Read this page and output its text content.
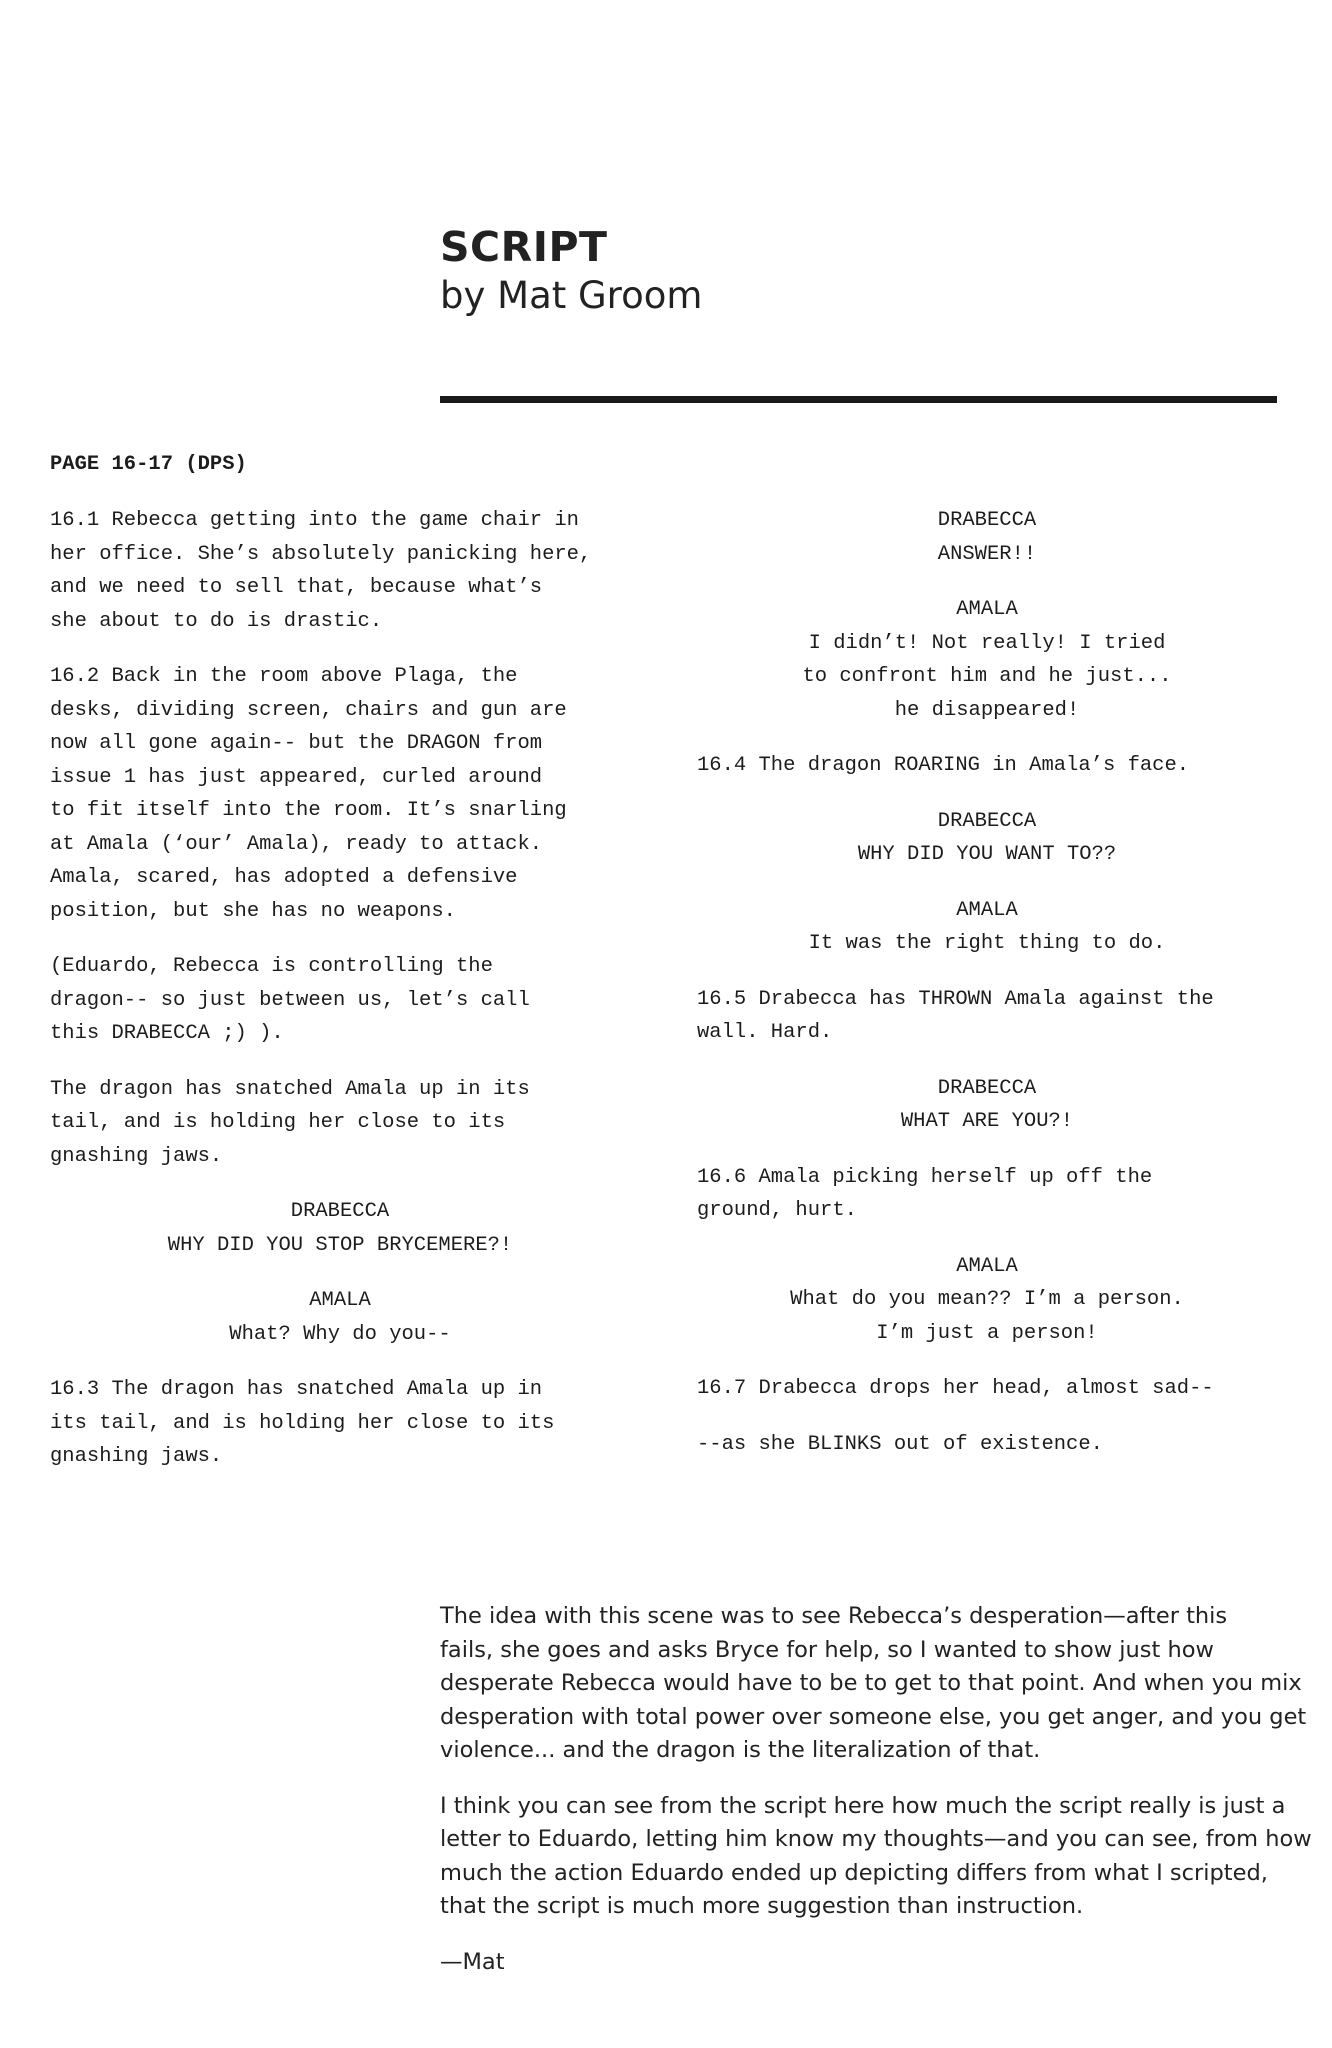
SCRIPT

by Mat Groom

PAGE 16-17 (DPS)
16.1 Rebecca getting into the game chair in
her office. She’s absolutely panicking here,
and we need to sell that, because what’s
she about to do is drastic.
16.2 Back in the room above Plaga, the
desks, dividing screen, chairs and gun are
now all gone again-- but the DRAGON from
issue 1 has just appeared, curled around
to fit itself into the room. It’s snarling
at Amala (‘our’ Amala), ready to attack.
Amala, scared, has adopted a defensive
position, but she has no weapons.
(Eduardo, Rebecca is controlling the
dragon-- so just between us, let’s call
this DRABECCA ;) ).
The dragon has snatched Amala up in its
tail, and is holding her close to its
gnashing jaws.
DRABECCA
WHY DID YOU STOP BRYCEMERE?!
AMALA
What? Why do you--
16.3 The dragon has snatched Amala up in
its tail, and is holding her close to its
gnashing jaws.
DRABECCA
ANSWER!!
AMALA
I didn’t! Not really! I tried
to confront him and he just...
he disappeared!
16.4 The dragon ROARING in Amala’s face.
DRABECCA
WHY DID YOU WANT TO??
AMALA
It was the right thing to do.
16.5 Drabecca has THROWN Amala against the
wall. Hard.
DRABECCA
WHAT ARE YOU?!
16.6 Amala picking herself up off the
ground, hurt.
AMALA
What do you mean?? I’m a person.
I’m just a person!
16.7 Drabecca drops her head, almost sad--
--as she BLINKS out of existence.

The idea with this scene was to see Rebecca’s desperation—after this
fails, she goes and asks Bryce for help, so I wanted to show just how
desperate Rebecca would have to be to get to that point. And when you mix
desperation with total power over someone else, you get anger, and you get
violence... and the dragon is the literalization of that.

I think you can see from the script here how much the script really is just a
letter to Eduardo, letting him know my thoughts—and you can see, from how
much the action Eduardo ended up depicting differs from what I scripted,
that the script is much more suggestion than instruction.

—Mat
